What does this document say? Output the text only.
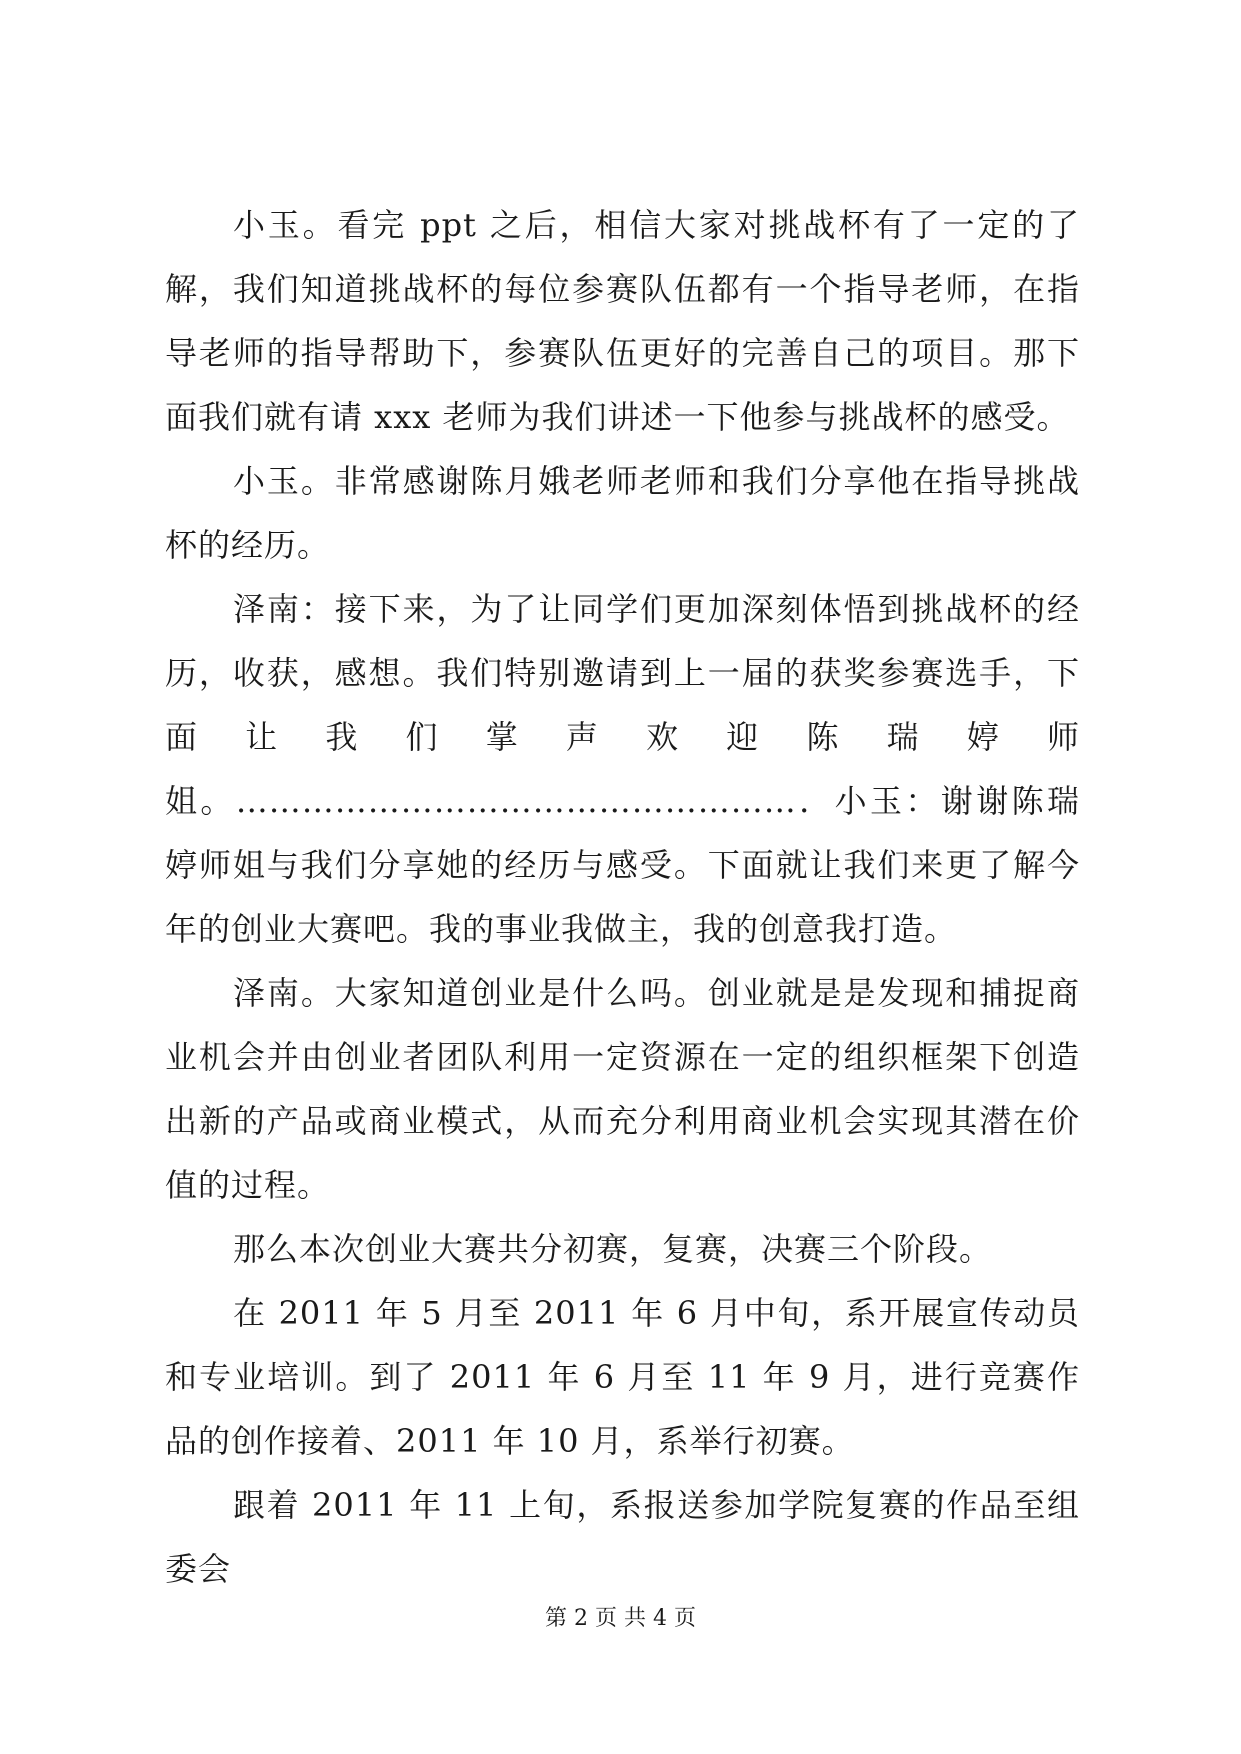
小玉。看完 ppt 之后，相信大家对挑战杯有了一定的了解，我们知道挑战杯的每位参赛队伍都有一个指导老师，在指导老师的指导帮助下，参赛队伍更好的完善自己的项目。那下面我们就有请 xxx 老师为我们讲述一下他参与挑战杯的感受。

小玉。非常感谢陈月娥老师老师和我们分享他在指导挑战杯的经历。

泽南：接下来，为了让同学们更加深刻体悟到挑战杯的经历，收获，感想。我们特别邀请到上一届的获奖参赛选手，下面让我们掌声欢迎陈瑞婷师姐。……………………………………………．小玉：谢谢陈瑞婷师姐与我们分享她的经历与感受。下面就让我们来更了解今年的创业大赛吧。我的事业我做主，我的创意我打造。

泽南。大家知道创业是什么吗。创业就是是发现和捕捉商业机会并由创业者团队利用一定资源在一定的组织框架下创造出新的产品或商业模式，从而充分利用商业机会实现其潜在价值的过程。

那么本次创业大赛共分初赛，复赛，决赛三个阶段。

在 2011 年 5 月至 2011 年 6 月中旬，系开展宣传动员和专业培训。到了 2011 年 6 月至 11 年 9 月，进行竞赛作品的创作接着、2011 年 10 月，系举行初赛。

跟着 2011 年 11 上旬，系报送参加学院复赛的作品至组委会

第 2 页 共 4 页
